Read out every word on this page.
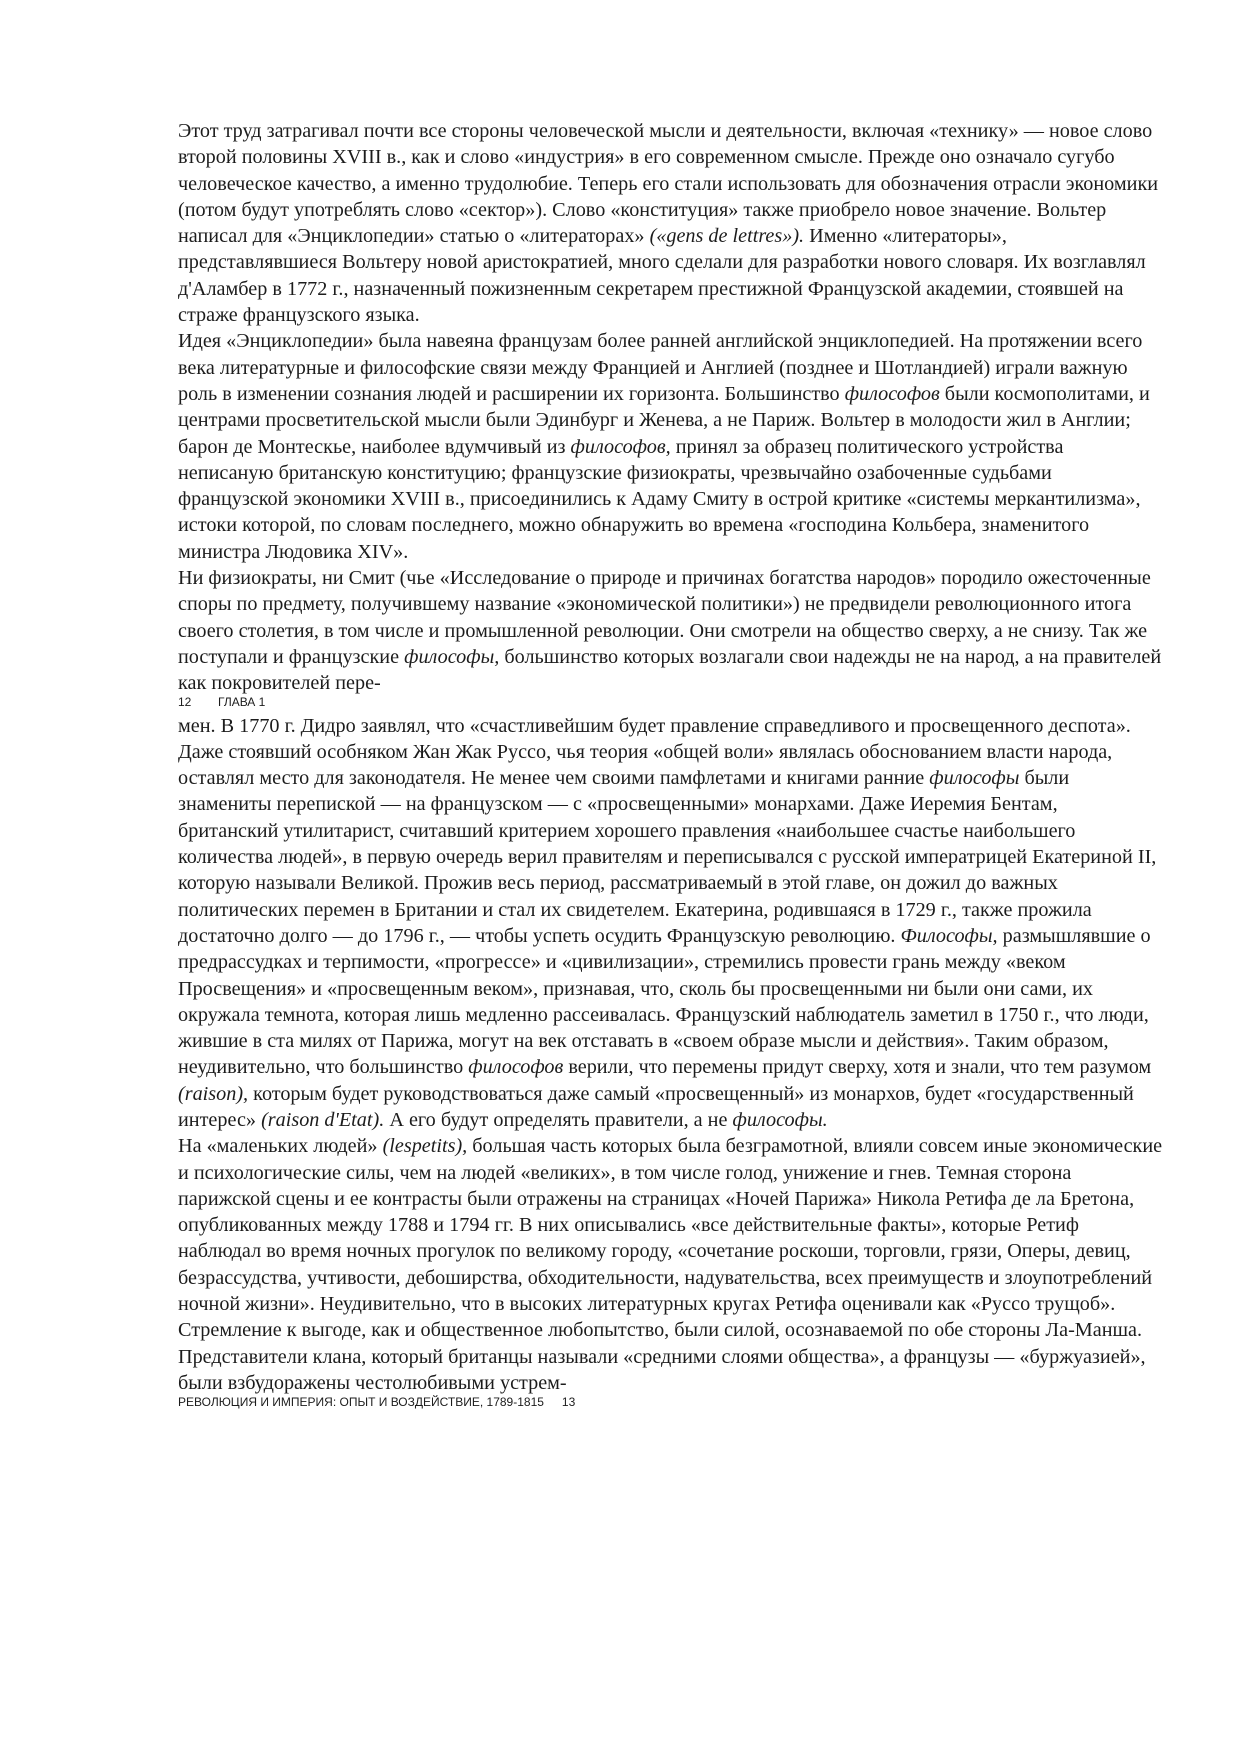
Этот труд затрагивал почти все стороны человеческой мысли и деятельности, включая «технику» — новое слово второй половины XVIII в., как и слово «индустрия» в его современном смысле. Прежде оно означало сугубо человеческое качество, а именно трудолюбие. Теперь его стали использовать для обозначения отрасли экономики (потом будут употреблять слово «сектор»). Слово «конституция» также приобрело новое значение. Вольтер написал для «Энциклопедии» статью о «литераторах» («gens de lettres»). Именно «литераторы», представлявшиеся Вольтеру новой аристократией, много сделали для разработки нового словаря. Их возглавлял д'Аламбер в 1772 г., назначенный пожизненным секретарем престижной Французской академии, стоявшей на страже французского языка.

Идея «Энциклопедии» была навеяна французам более ранней английской энциклопедией. На протяжении всего века литературные и философские связи между Францией и Англией (позднее и Шотландией) играли важную роль в изменении сознания людей и расширении их горизонта. Большинство философов были космополитами, и центрами просветительской мысли были Эдинбург и Женева, а не Париж. Вольтер в молодости жил в Англии; барон де Монтескье, наиболее вдумчивый из философов, принял за образец политического устройства неписаную британскую конституцию; французские физиократы, чрезвычайно озабоченные судьбами французской экономики XVIII в., присоединились к Адаму Смиту в острой критике «системы меркантилизма», истоки которой, по словам последнего, можно обнаружить во времена «господина Кольбера, знаменитого министра Людовика XIV».

Ни физиократы, ни Смит (чье «Исследование о природе и причинах богатства народов» породило ожесточенные споры по предмету, получившему название «экономической политики») не предвидели революционного итога своего столетия, в том числе и промышленной революции. Они смотрели на общество сверху, а не снизу. Так же поступали и французские философы, большинство которых возлагали свои надежды не на народ, а на правителей как покровителей пере-

12 ГЛАВА 1

мен. В 1770 г. Дидро заявлял, что «счастливейшим будет правление справедливого и просвещенного деспота». Даже стоявший особняком Жан Жак Руссо, чья теория «общей воли» являлась обоснованием власти народа, оставлял место для законодателя. Не менее чем своими памфлетами и книгами ранние философы были знамениты перепиской — на французском — с «просвещенными» монархами. Даже Иеремия Бентам, британский утилитарист, считавший критерием хорошего правления «наибольшее счастье наибольшего количества людей», в первую очередь верил правителям и переписывался с русской императрицей Екатериной II, которую называли Великой. Прожив весь период, рассматриваемый в этой главе, он дожил до важных политических перемен в Британии и стал их свидетелем. Екатерина, родившаяся в 1729 г., также прожила достаточно долго — до 1796 г., — чтобы успеть осудить Французскую революцию. Философы, размышлявшие о предрассудках и терпимости, «прогрессе» и «цивилизации», стремились провести грань между «веком Просвещения» и «просвещенным веком», признавая, что, сколь бы просвещенными ни были они сами, их окружала темнота, которая лишь медленно рассеивалась. Французский наблюдатель заметил в 1750 г., что люди, жившие в ста милях от Парижа, могут на век отставать в «своем образе мысли и действия». Таким образом, неудивительно, что большинство философов верили, что перемены придут сверху, хотя и знали, что тем разумом (raison), которым будет руководствоваться даже самый «просвещенный» из монархов, будет «государственный интерес» (raison d'Etat). А его будут определять правители, а не философы.

На «маленьких людей» (lespetits), большая часть которых была безграмотной, влияли совсем иные экономические и психологические силы, чем на людей «великих», в том числе голод, унижение и гнев. Темная сторона парижской сцены и ее контрасты были отражены на страницах «Ночей Парижа» Никола Ретифа де ла Бретона, опубликованных между 1788 и 1794 гг. В них описывались «все действительные факты», которые Ретиф наблюдал во время ночных прогулок по великому городу, «сочетание роскоши, торговли, грязи, Оперы, девиц, безрассудства, учтивости, дебоширства, обходительности, надувательства, всех преимуществ и злоупотреблений ночной жизни». Неудивительно, что в высоких литературных кругах Ретифа оценивали как «Руссо трущоб».

Стремление к выгоде, как и общественное любопытство, были силой, осознаваемой по обе стороны Ла-Манша. Представители клана, который британцы называли «средними слоями общества», а французы — «буржуазией», были взбудоражены честолюбивыми устрем-

РЕВОЛЮЦИЯ И ИМПЕРИЯ: ОПЫТ И ВОЗДЕЙСТВИЕ, 1789-1815 13
